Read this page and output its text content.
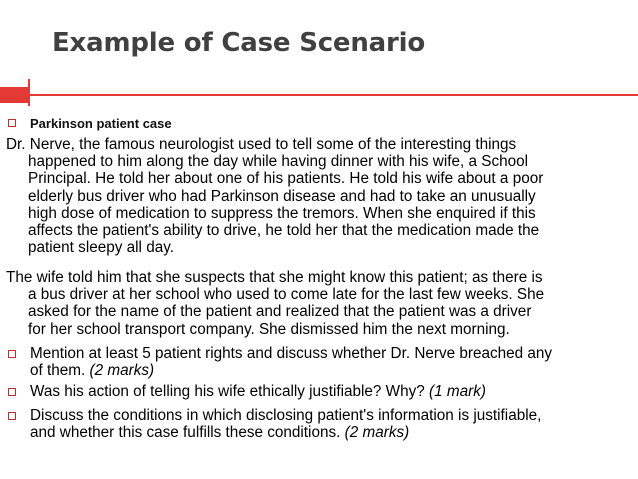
Example of Case Scenario
Parkinson patient case
Dr. Nerve, the famous neurologist used to tell some of the interesting things
happened to him along the day while having dinner with his wife, a School
Principal. He told her about one of his patients. He told his wife about a poor
elderly bus driver who had Parkinson disease and had to take an unusually
high dose of medication to suppress the tremors. When she enquired if this
affects the patient's ability to drive, he told her that the medication made the
patient sleepy all day.
The wife told him that she suspects that she might know this patient; as there is
a bus driver at her school who used to come late for the last few weeks. She
asked for the name of the patient and realized that the patient was a driver
for her school transport company. She dismissed him the next morning.
Mention at least 5 patient rights and discuss whether Dr. Nerve breached any
of them. (2 marks)
Was his action of telling his wife ethically justifiable? Why? (1 mark)
Discuss the conditions in which disclosing patient's information is justifiable,
and whether this case fulfills these conditions. (2 marks)
